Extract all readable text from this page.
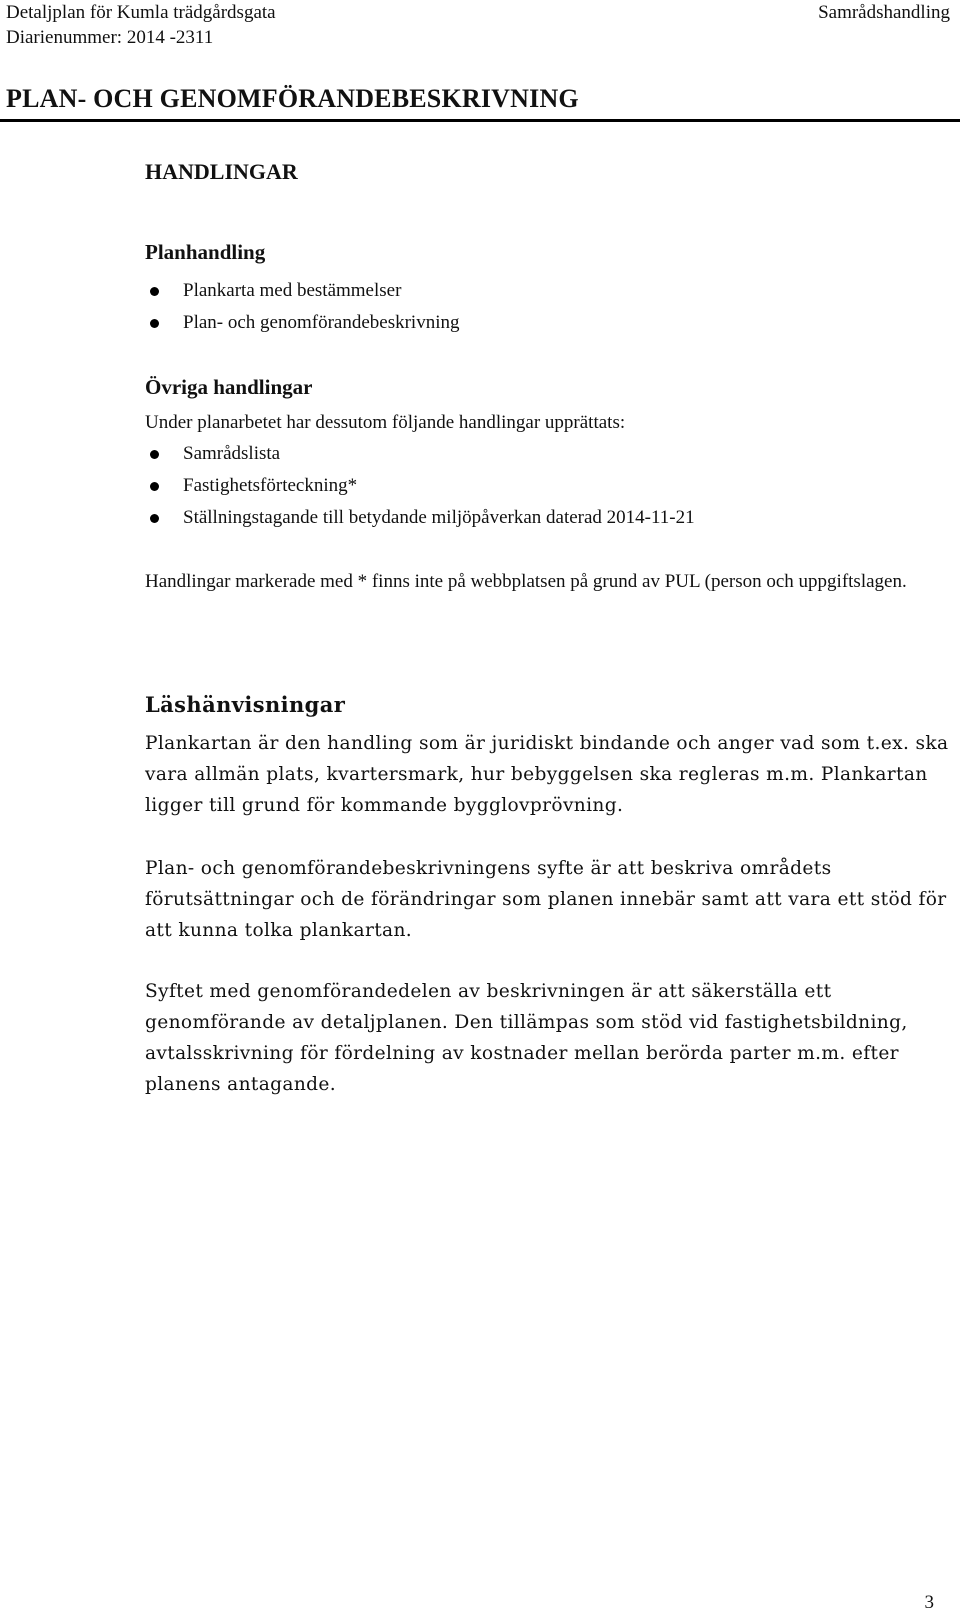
Detaljplan för Kumla trädgårdsgata
Diarienummer: 2014 -2311
Samrådshandling
PLAN- OCH GENOMFÖRANDEBESKRIVNING
HANDLINGAR
Planhandling
Plankarta med bestämmelser
Plan- och genomförandebeskrivning
Övriga handlingar
Under planarbetet har dessutom följande handlingar upprättats:
Samrådslista
Fastighetsförteckning*
Ställningstagande till betydande miljöpåverkan daterad 2014-11-21
Handlingar markerade med * finns inte på webbplatsen på grund av PUL (person och uppgiftslagen.
Läshänvisningar
Plankartan är den handling som är juridiskt bindande och anger vad som t.ex. ska vara allmän plats, kvartersmark, hur bebyggelsen ska regleras m.m. Plankartan ligger till grund för kommande bygglovprövning.
Plan- och genomförandebeskrivningens syfte är att beskriva områdets förutsättningar och de förändringar som planen innebär samt att vara ett stöd för att kunna tolka plankartan.
Syftet med genomförandedelen av beskrivningen är att säkerställa ett genomförande av detaljplanen. Den tillämpas som stöd vid fastighetsbildning, avtalsskrivning för fördelning av kostnader mellan berörda parter m.m. efter planens antagande.
3
